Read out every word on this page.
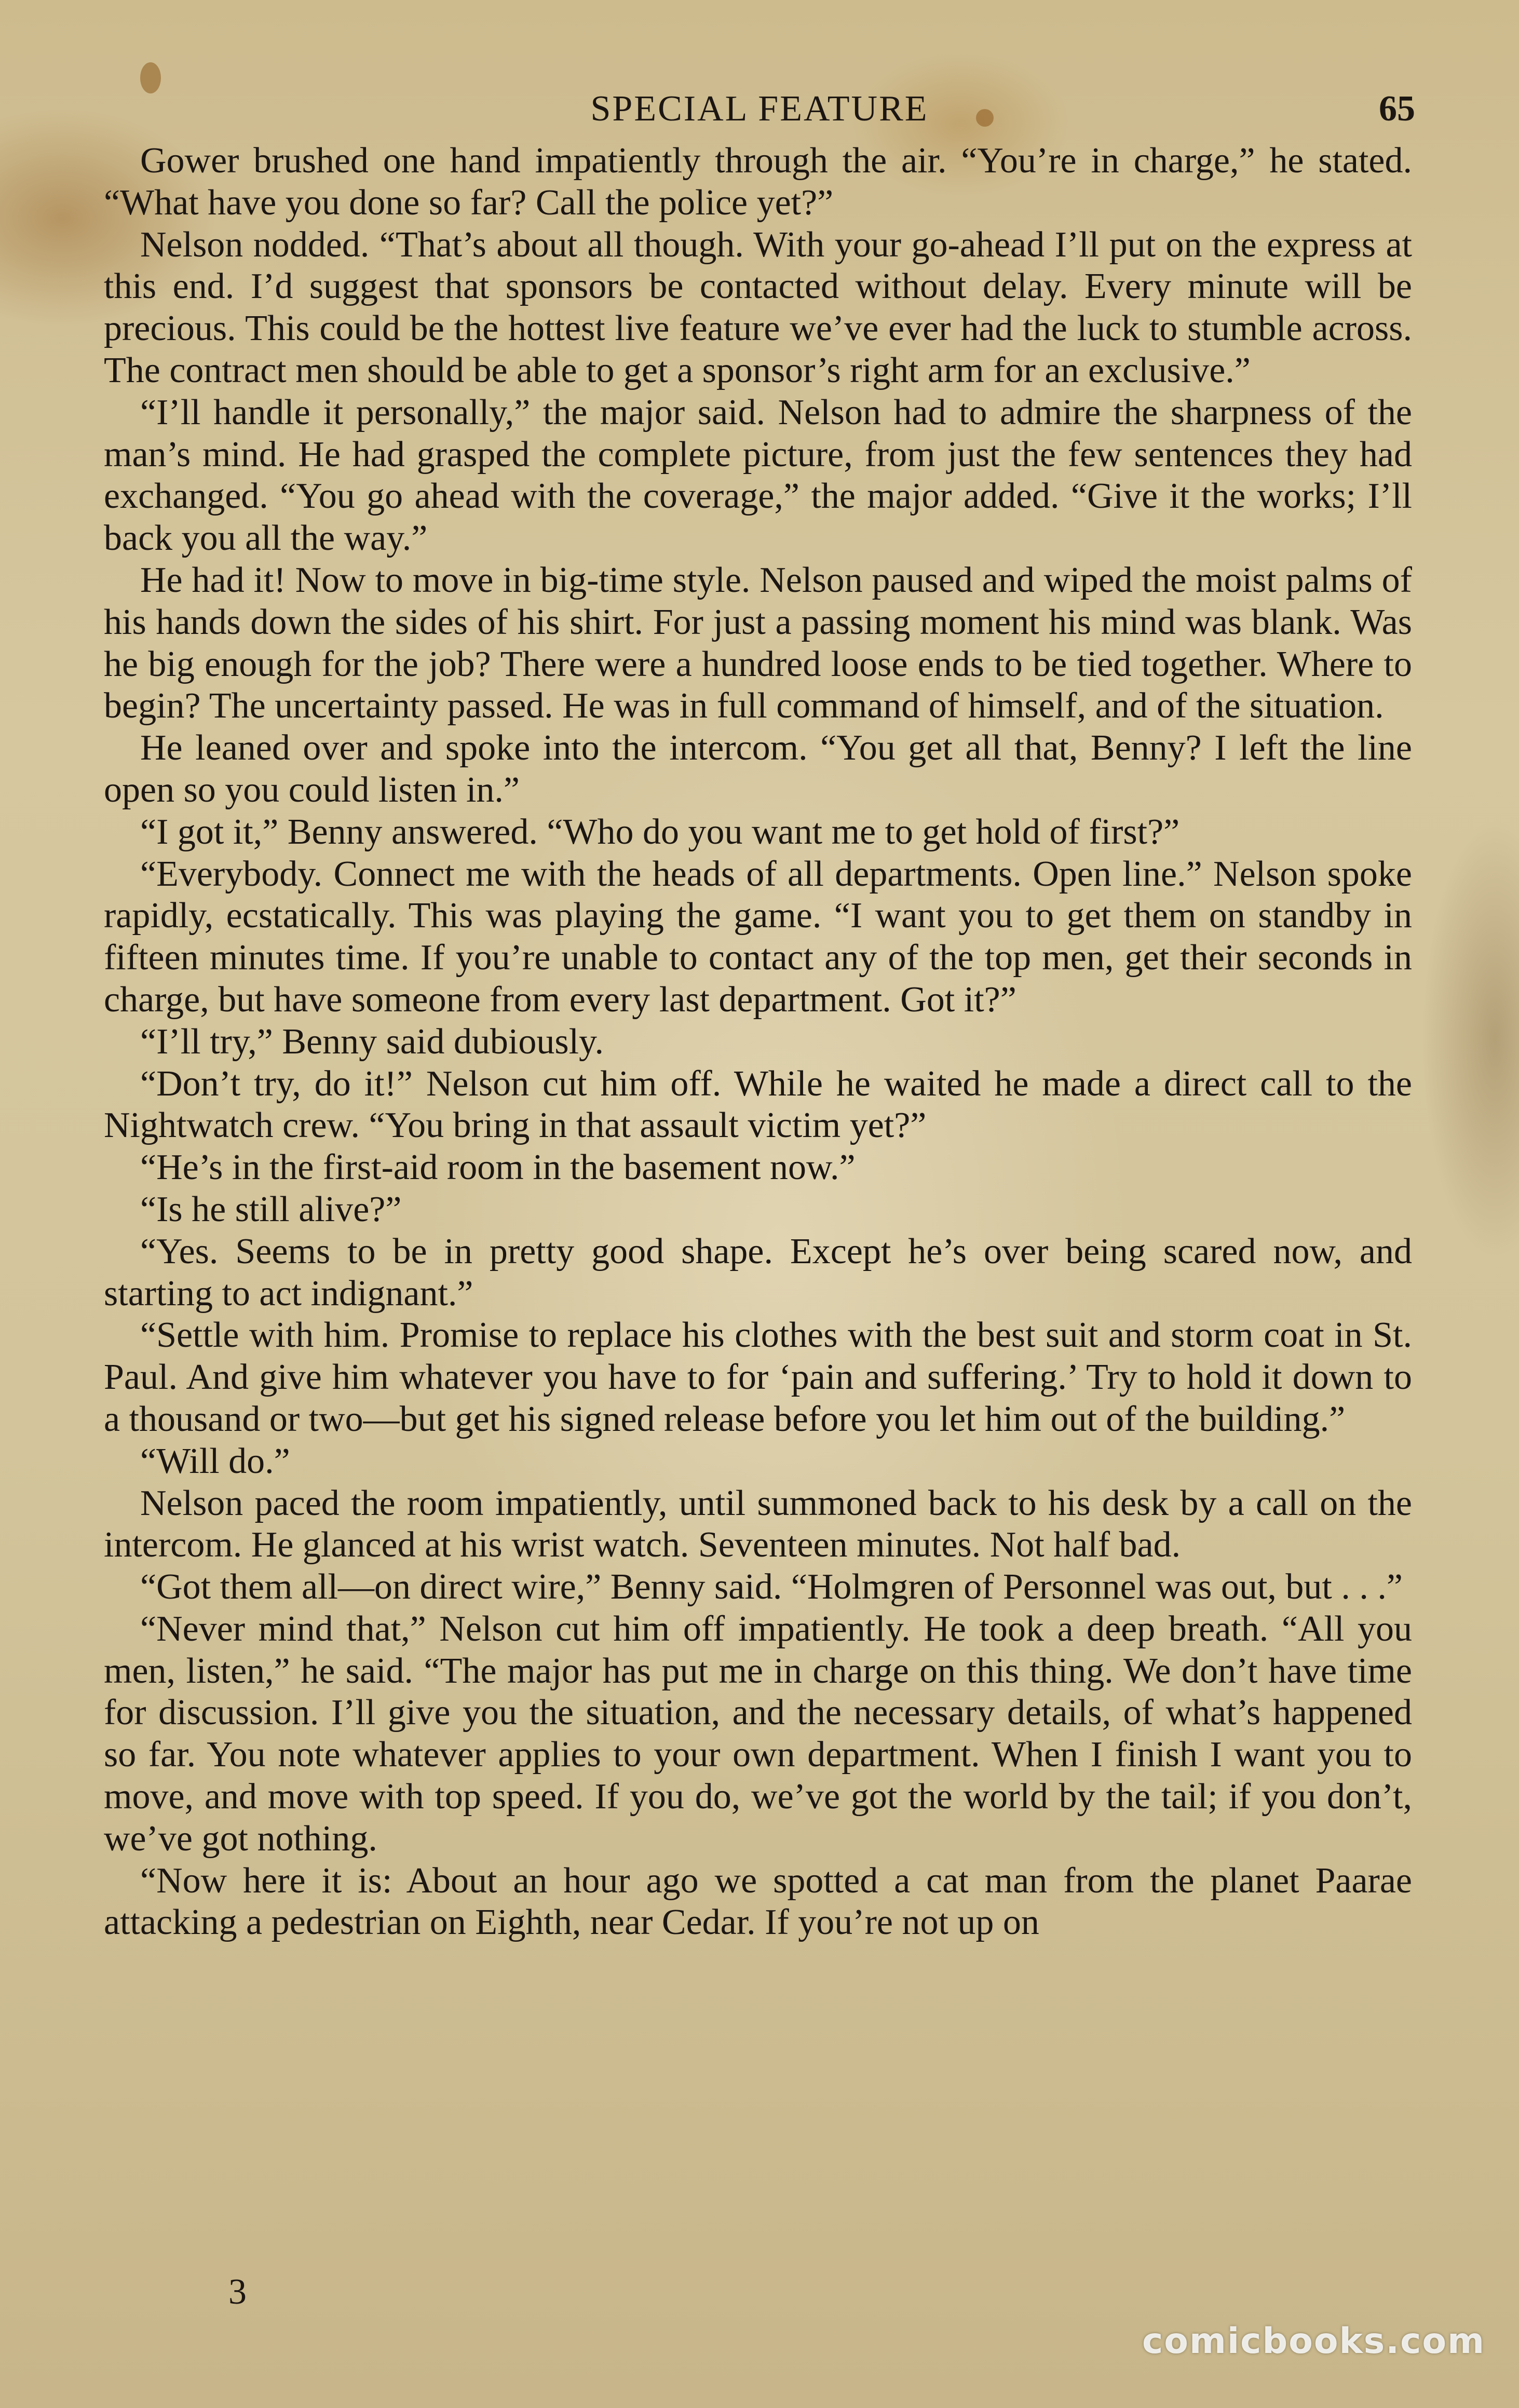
SPECIAL FEATURE	65

Gower brushed one hand impatiently through the air. “You’re in charge,” he stated. “What have you done so far? Call the police yet?”

Nelson nodded. “That’s about all though. With your go-ahead I’ll put on the express at this end. I’d suggest that sponsors be contacted without delay. Every minute will be precious. This could be the hottest live feature we’ve ever had the luck to stumble across. The contract men should be able to get a sponsor’s right arm for an exclusive.”

“I’ll handle it personally,” the major said. Nelson had to admire the sharpness of the man’s mind. He had grasped the complete picture, from just the few sentences they had exchanged. “You go ahead with the coverage,” the major added. “Give it the works; I’ll back you all the way.”

He had it! Now to move in big-time style. Nelson paused and wiped the moist palms of his hands down the sides of his shirt. For just a passing moment his mind was blank. Was he big enough for the job? There were a hundred loose ends to be tied together. Where to begin? The uncertainty passed. He was in full command of himself, and of the situation.

He leaned over and spoke into the intercom. “You get all that, Benny? I left the line open so you could listen in.”

“I got it,” Benny answered. “Who do you want me to get hold of first?”

“Everybody. Connect me with the heads of all departments. Open line.” Nelson spoke rapidly, ecstatically. This was playing the game. “I want you to get them on standby in fifteen minutes time. If you’re unable to contact any of the top men, get their seconds in charge, but have someone from every last department. Got it?”

“I’ll try,” Benny said dubiously.

“Don’t try, do it!” Nelson cut him off. While he waited he made a direct call to the Nightwatch crew. “You bring in that assault victim yet?”

“He’s in the first-aid room in the basement now.”

“Is he still alive?”

“Yes. Seems to be in pretty good shape. Except he’s over being scared now, and starting to act indignant.”

“Settle with him. Promise to replace his clothes with the best suit and storm coat in St. Paul. And give him whatever you have to for ‘pain and suffering.’ Try to hold it down to a thousand or two—but get his signed release before you let him out of the building.”

“Will do.”

Nelson paced the room impatiently, until summoned back to his desk by a call on the intercom. He glanced at his wrist watch. Seventeen minutes. Not half bad.

“Got them all—on direct wire,” Benny said. “Holmgren of Personnel was out, but . . .”

“Never mind that,” Nelson cut him off impatiently. He took a deep breath. “All you men, listen,” he said. “The major has put me in charge on this thing. We don’t have time for discussion. I’ll give you the situation, and the necessary details, of what’s happened so far. You note whatever applies to your own department. When I finish I want you to move, and move with top speed. If you do, we’ve got the world by the tail; if you don’t, we’ve got nothing.

“Now here it is: About an hour ago we spotted a cat man from the planet Paarae attacking a pedestrian on Eighth, near Cedar. If you’re not up on

3
comicbooks.com
